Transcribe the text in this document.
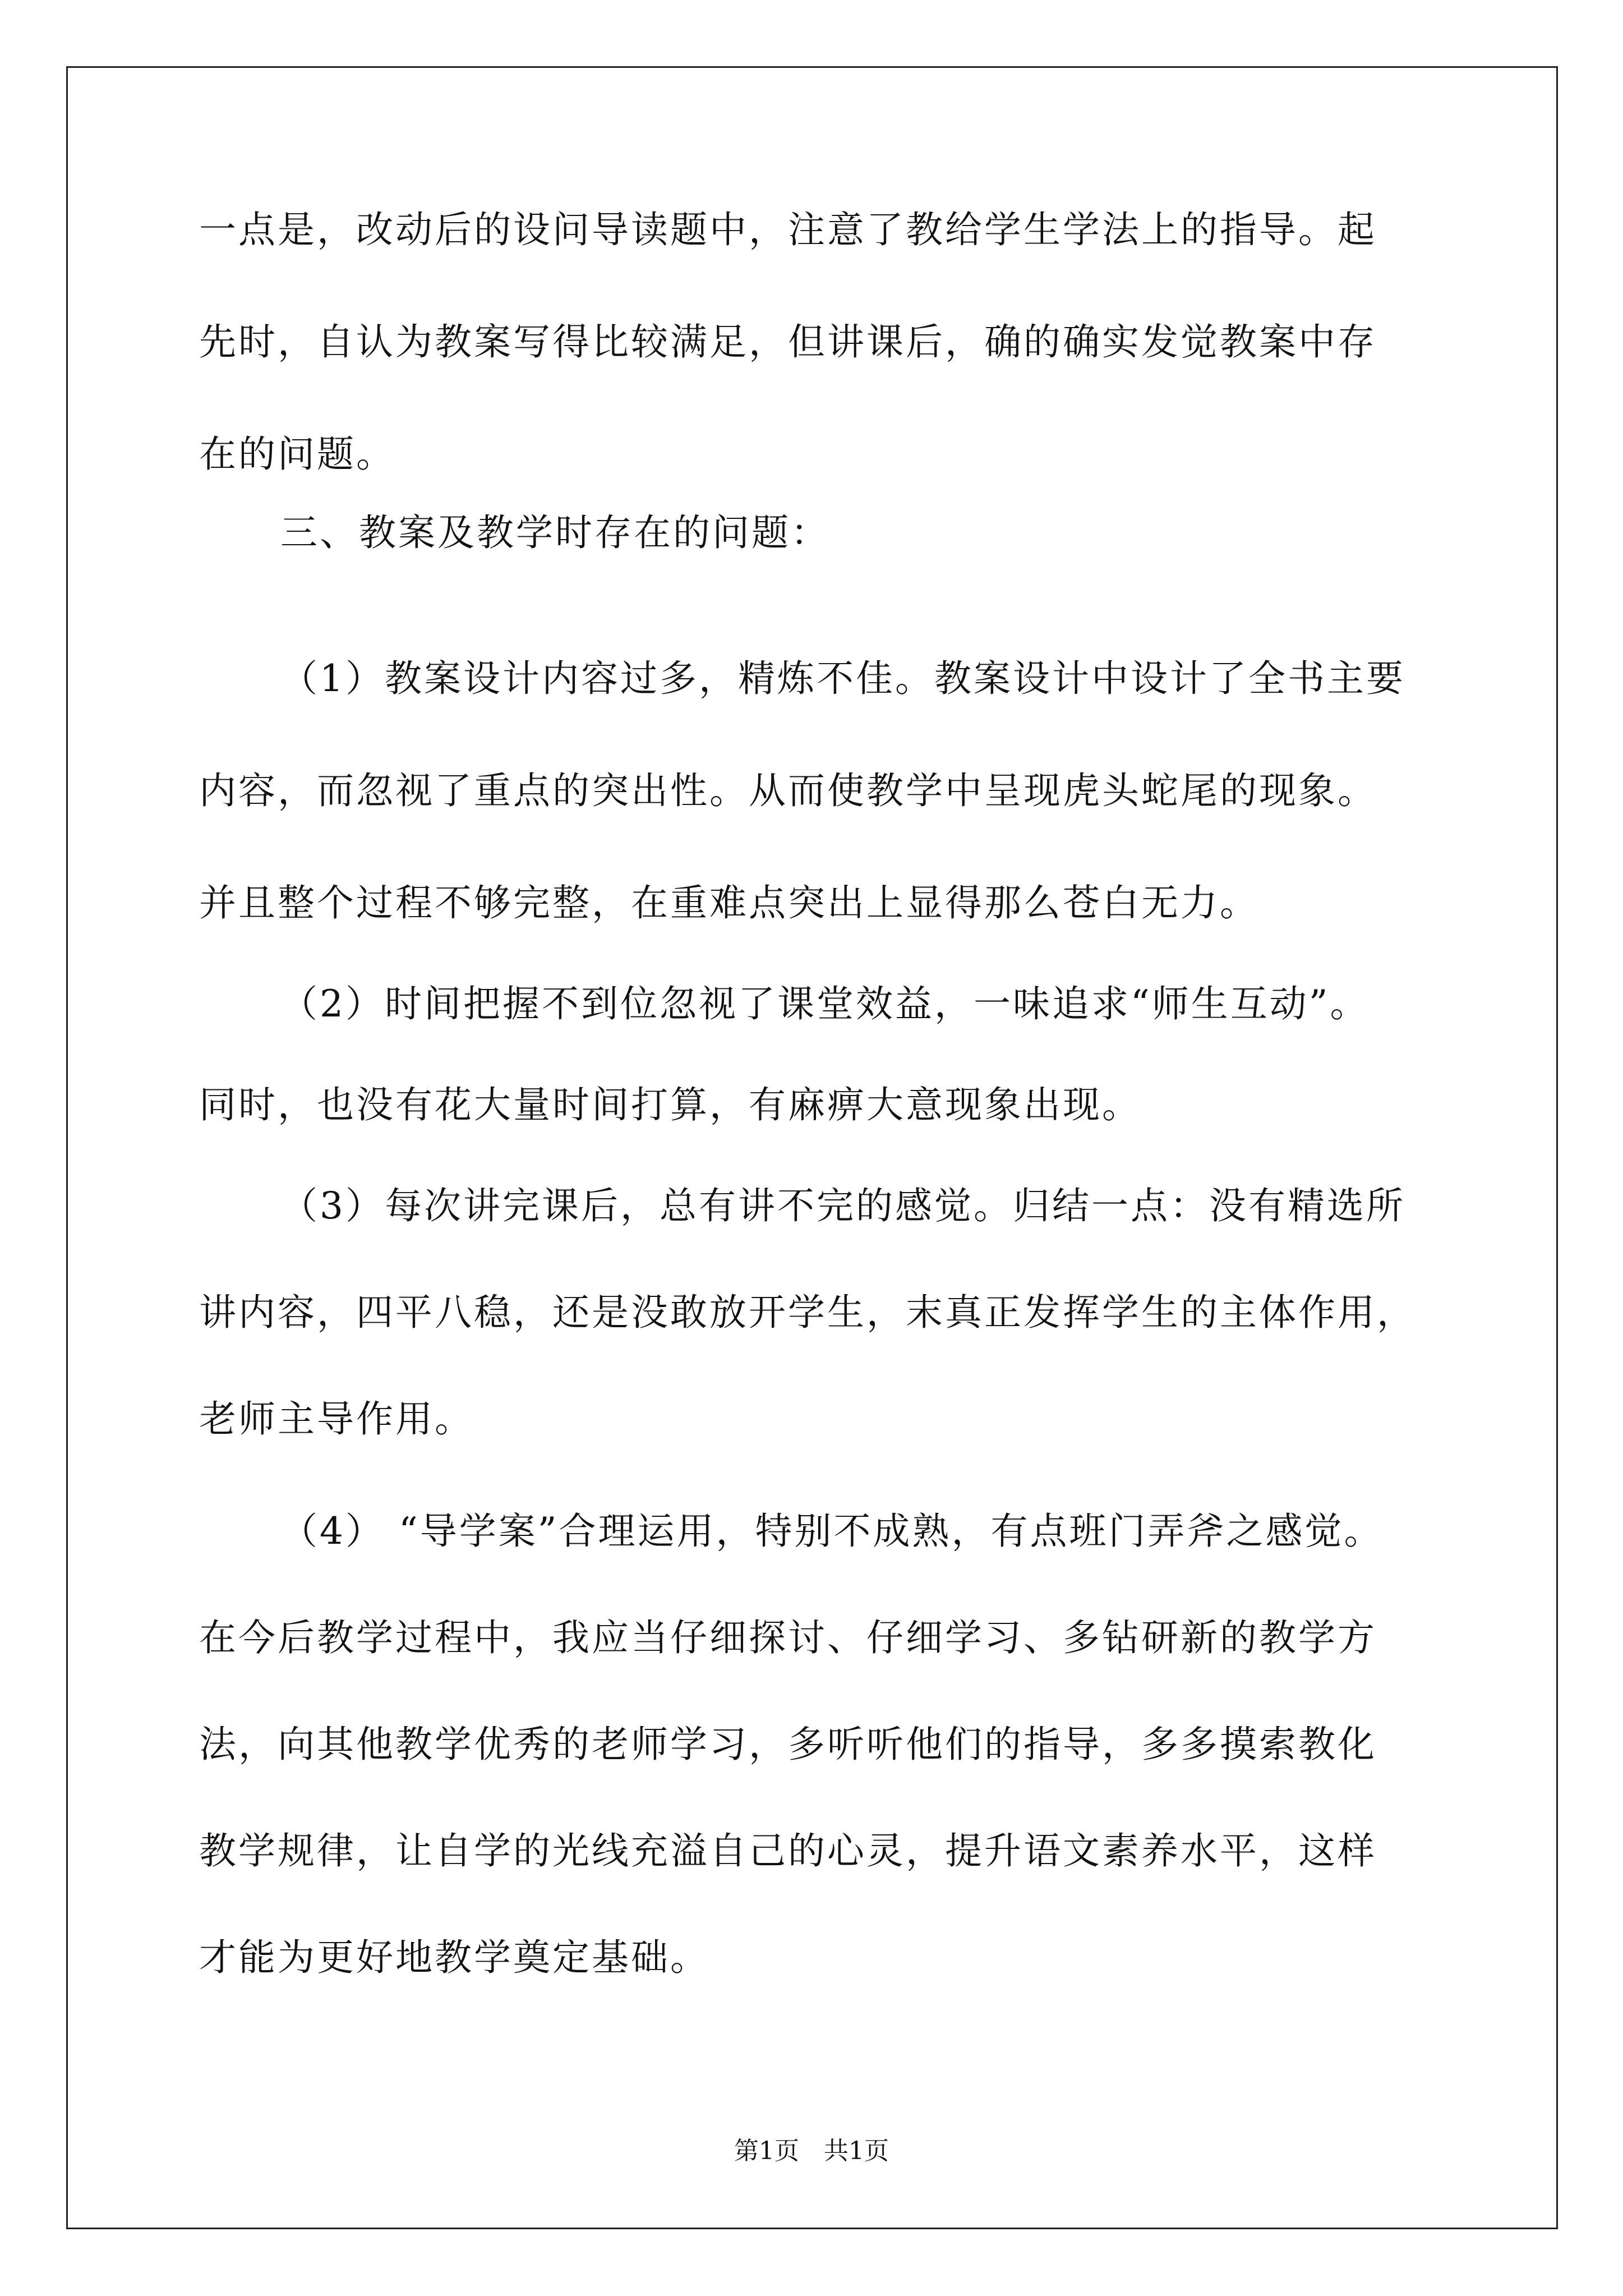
一点是，改动后的设问导读题中，注意了教给学生学法上的指导。起
先时，自认为教案写得比较满足，但讲课后，确的确实发觉教案中存
在的问题。
三、教案及教学时存在的问题：
（1）教案设计内容过多，精炼不佳。教案设计中设计了全书主要
内容，而忽视了重点的突出性。从而使教学中呈现虎头蛇尾的现象。
并且整个过程不够完整，在重难点突出上显得那么苍白无力。
（2）时间把握不到位忽视了课堂效益，一味追求“师生互动”。
同时，也没有花大量时间打算，有麻痹大意现象出现。
（3）每次讲完课后，总有讲不完的感觉。归结一点：没有精选所
讲内容，四平八稳，还是没敢放开学生，末真正发挥学生的主体作用，
老师主导作用。
（4） “导学案”合理运用，特别不成熟，有点班门弄斧之感觉。
在今后教学过程中，我应当仔细探讨、仔细学习、多钻研新的教学方
法，向其他教学优秀的老师学习，多听听他们的指导，多多摸索教化
教学规律，让自学的光线充溢自己的心灵，提升语文素养水平，这样
才能为更好地教学奠定基础。
第1页　共1页
